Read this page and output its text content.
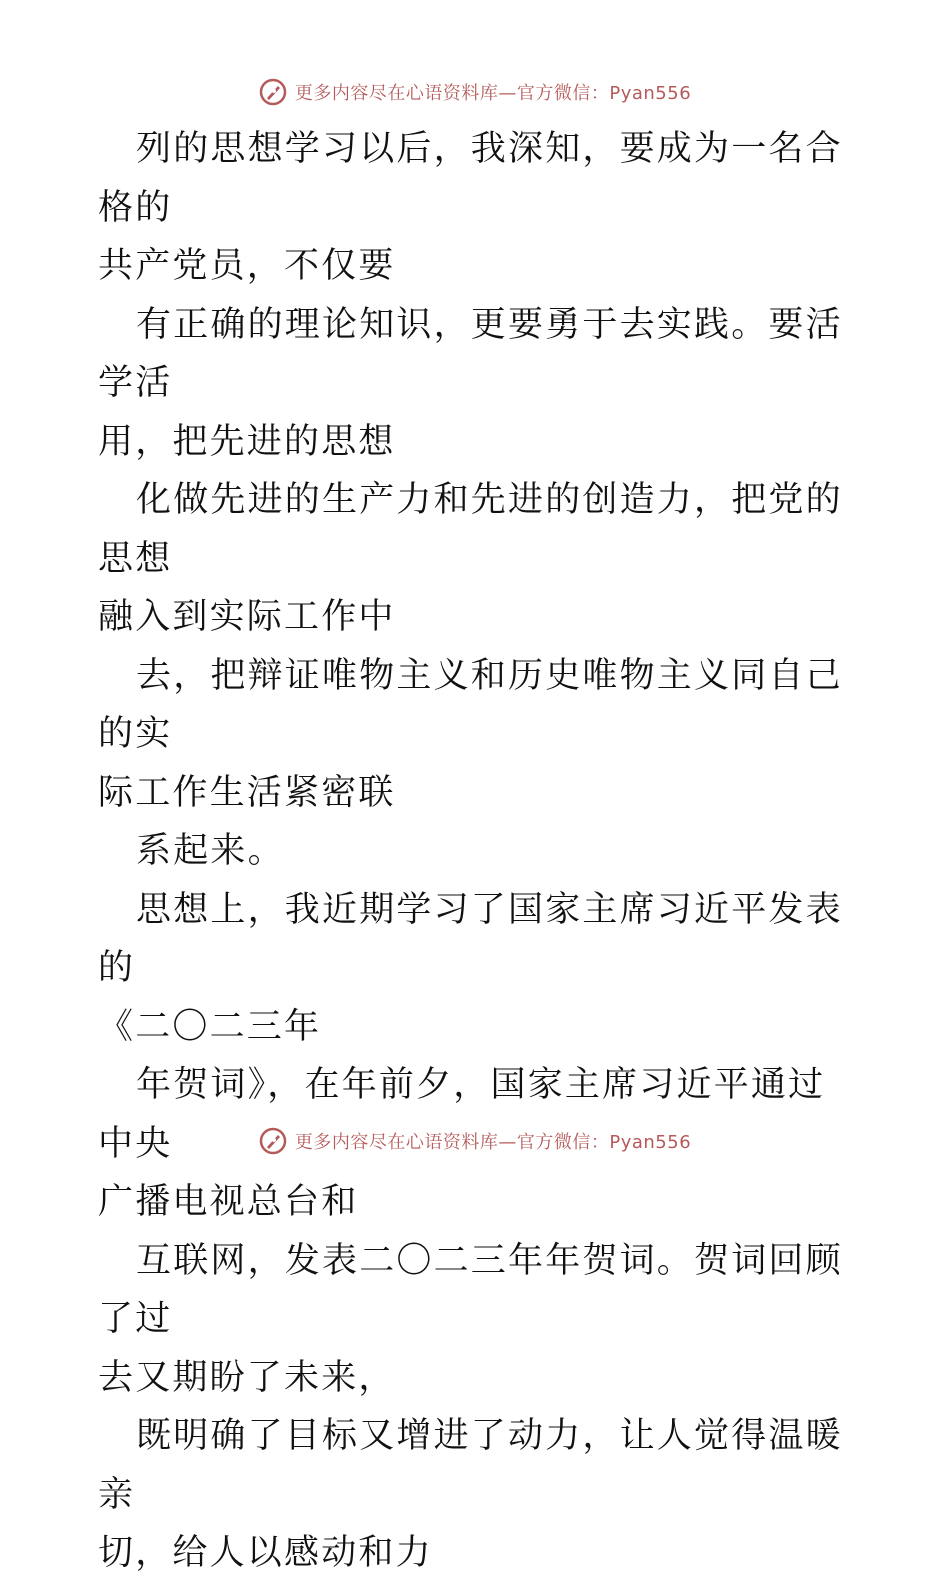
更多内容尽在心语资料库—官方微信：Pyan556

列的思想学习以后，我深知，要成为一名合格的
共产党员，不仅要

有正确的理论知识，更要勇于去实践。要活学活
用，把先进的思想

化做先进的生产力和先进的创造力，把党的思想
融入到实际工作中

去，把辩证唯物主义和历史唯物主义同自己的实
际工作生活紧密联

系起来。

思想上，我近期学习了国家主席习近平发表的
《二〇二三年

年贺词》，在年前夕，国家主席习近平通过中央
广播电视总台和

互联网，发表二〇二三年年贺词。贺词回顾了过
去又期盼了未来，

既明确了目标又增进了动力，让人觉得温暖亲
切，给人以感动和力

更多内容尽在心语资料库—官方微信：Pyan556
